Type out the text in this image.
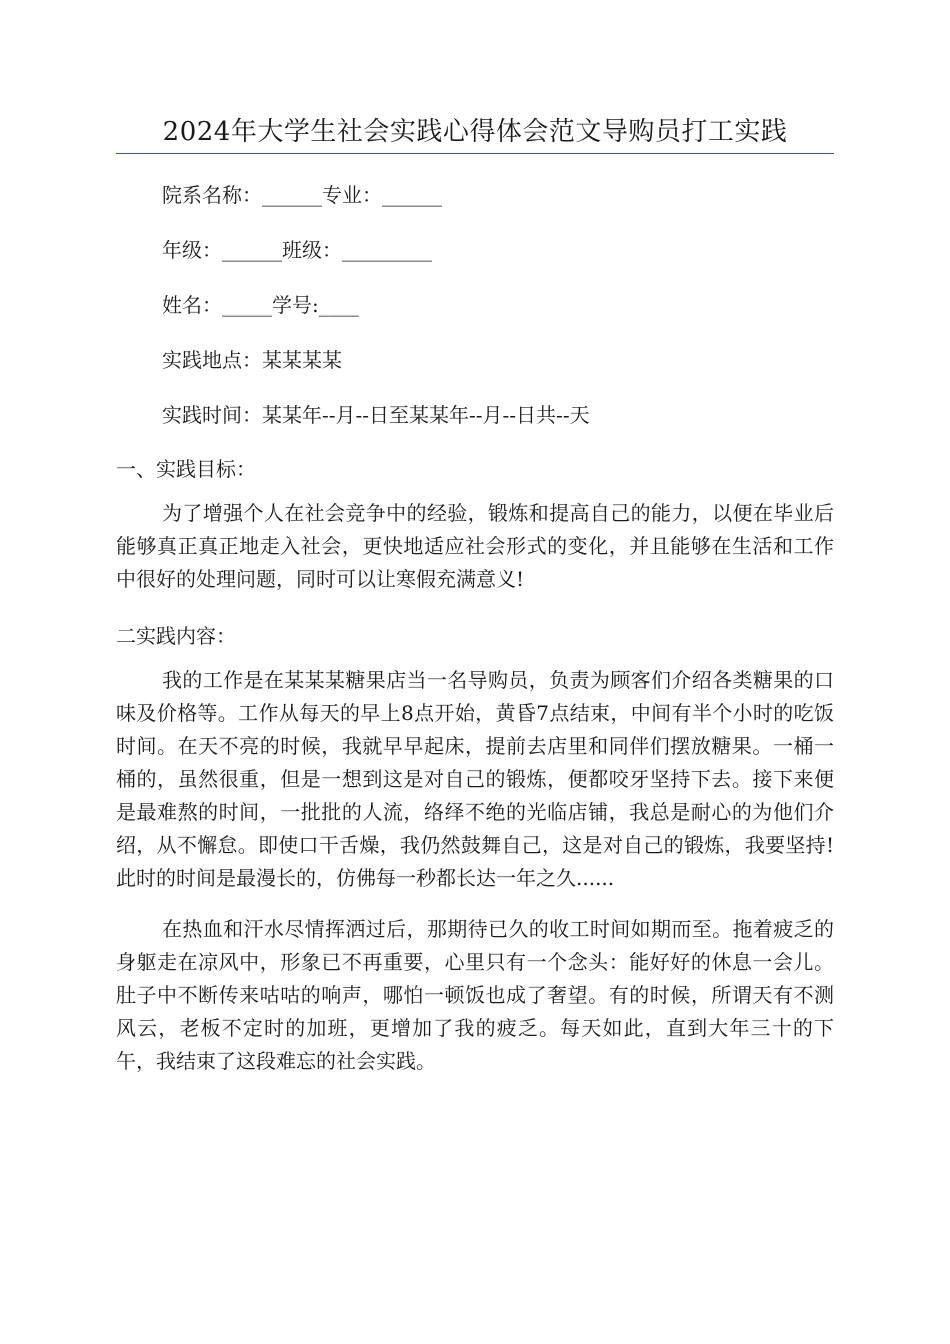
2024年大学生社会实践心得体会范文导购员打工实践

院系名称：______专业：______

年级：______班级：_________

姓名：_____学号:____

实践地点：某某某某

实践时间：某某年--月--日至某某年--月--日共--天

一、实践目标：

为了增强个人在社会竞争中的经验，锻炼和提高自己的能力，以便在毕业后能够真正真正地走入社会，更快地适应社会形式的变化，并且能够在生活和工作中很好的处理问题，同时可以让寒假充满意义!

二实践内容：

我的工作是在某某某糖果店当一名导购员，负责为顾客们介绍各类糖果的口味及价格等。工作从每天的早上8点开始，黄昏7点结束，中间有半个小时的吃饭时间。在天不亮的时候，我就早早起床，提前去店里和同伴们摆放糖果。一桶一桶的，虽然很重，但是一想到这是对自己的锻炼，便都咬牙坚持下去。接下来便是最难熬的时间，一批批的人流，络绎不绝的光临店铺，我总是耐心的为他们介绍，从不懈怠。即使口干舌燥，我仍然鼓舞自己，这是对自己的锻炼，我要坚持!此时的时间是最漫长的，仿佛每一秒都长达一年之久......

在热血和汗水尽情挥洒过后，那期待已久的收工时间如期而至。拖着疲乏的身躯走在凉风中，形象已不再重要，心里只有一个念头：能好好的休息一会儿。肚子中不断传来咕咕的响声，哪怕一顿饭也成了奢望。有的时候，所谓天有不测风云，老板不定时的加班，更增加了我的疲乏。每天如此，直到大年三十的下午，我结束了这段难忘的社会实践。
